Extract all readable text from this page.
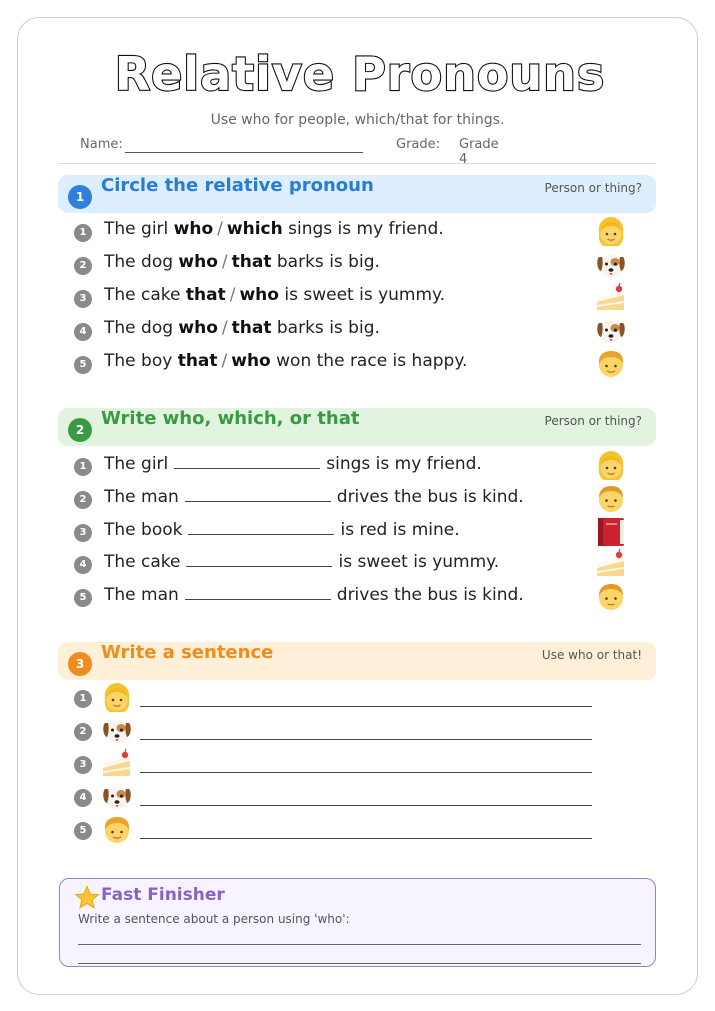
Relative Pronouns
Use who for people, which/that for things.
Name:	Grade: Grade 4
1
Circle the relative pronoun	Person or thing?
1	The girl who / which sings is my friend.
2	The dog who / that barks is big.
3	The cake that / who is sweet is yummy.
4	The dog who / that barks is big.
5	The boy that / who won the race is happy.
2
Write who, which, or that	Person or thing?
1	The girl	sings is my friend.
2	The man	drives the bus is kind.
3	The book	is red is mine.
4	The cake	is sweet is yummy.
5	The man	drives the bus is kind.
3
Write a sentence	Use who or that!
1
2
3
4
5
Fast Finisher
Write a sentence about a person using 'who':
